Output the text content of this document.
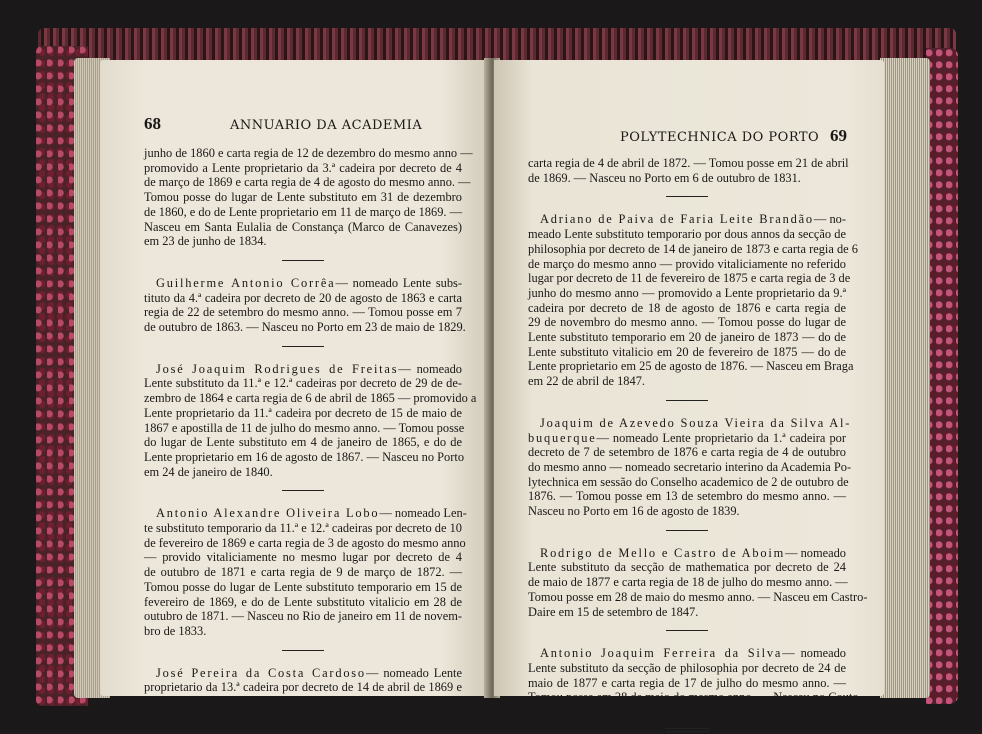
68	ANNUARIO DA ACADEMIA
junho de 1860 e carta regia de 12 de dezembro do mesmo anno —
promovido a Lente proprietario da 3.ª cadeira por decreto de 4
de março de 1869 e carta regia de 4 de agosto do mesmo anno. —
Tomou posse do lugar de Lente substituto em 31 de dezembro
de 1860, e do de Lente proprietario em 11 de março de 1869. —
Nasceu em Santa Eulalia de Constança (Marco de Canavezes)
em 23 de junho de 1834.
Guilherme Antonio Corrêa— nomeado Lente subs-
tituto da 4.ª cadeira por decreto de 20 de agosto de 1863 e carta
regia de 22 de setembro do mesmo anno. — Tomou posse em 7
de outubro de 1863. — Nasceu no Porto em 23 de maio de 1829.
José Joaquim Rodrigues de Freitas— nomeado
Lente substituto da 11.ª e 12.ª cadeiras por decreto de 29 de de-
zembro de 1864 e carta regia de 6 de abril de 1865 — promovido a
Lente proprietario da 11.ª cadeira por decreto de 15 de maio de
1867 e apostilla de 11 de julho do mesmo anno. — Tomou posse
do lugar de Lente substituto em 4 de janeiro de 1865, e do de
Lente proprietario em 16 de agosto de 1867. — Nasceu no Porto
em 24 de janeiro de 1840.
Antonio Alexandre Oliveira Lobo— nomeado Len-
te substituto temporario da 11.ª e 12.ª cadeiras por decreto de 10
de fevereiro de 1869 e carta regia de 3 de agosto do mesmo anno
— provido vitaliciamente no mesmo lugar por decreto de 4
de outubro de 1871 e carta regia de 9 de março de 1872. —
Tomou posse do lugar de Lente substituto temporario em 15 de
fevereiro de 1869, e do de Lente substituto vitalicio em 28 de
outubro de 1871. — Nasceu no Rio de janeiro em 11 de novem-
bro de 1833.
José Pereira da Costa Cardoso— nomeado Lente
proprietario da 13.ª cadeira por decreto de 14 de abril de 1869 e
POLYTECHNICA DO PORTO 69
carta regia de 4 de abril de 1872. — Tomou posse em 21 de abril
de 1869. — Nasceu no Porto em 6 de outubro de 1831.
Adriano de Paiva de Faria Leite Brandão— no-
meado Lente substituto temporario por dous annos da secção de
philosophia por decreto de 14 de janeiro de 1873 e carta regia de 6
de março do mesmo anno — provido vitaliciamente no referido
lugar por decreto de 11 de fevereiro de 1875 e carta regia de 3 de
junho do mesmo anno — promovido a Lente proprietario da 9.ª
cadeira por decreto de 18 de agosto de 1876 e carta regia de
29 de novembro do mesmo anno. — Tomou posse do lugar de
Lente substituto temporario em 20 de janeiro de 1873 — do de
Lente substituto vitalicio em 20 de fevereiro de 1875 — do de
Lente proprietario em 25 de agosto de 1876. — Nasceu em Braga
em 22 de abril de 1847.
Joaquim de Azevedo Souza Vieira da Silva Al-
buquerque— nomeado Lente proprietario da 1.ª cadeira por
decreto de 7 de setembro de 1876 e carta regia de 4 de outubro
do mesmo anno — nomeado secretario interino da Academia Po-
lytechnica em sessão do Conselho academico de 2 de outubro de
1876. — Tomou posse em 13 de setembro do mesmo anno. —
Nasceu no Porto em 16 de agosto de 1839.
Rodrigo de Mello e Castro de Aboim— nomeado
Lente substituto da secção de mathematica por decreto de 24
de maio de 1877 e carta regia de 18 de julho do mesmo anno. —
Tomou posse em 28 de maio do mesmo anno. — Nasceu em Castro-
Daire em 15 de setembro de 1847.
Antonio Joaquim Ferreira da Silva— nomeado
Lente substituto da secção de philosophia por decreto de 24 de
maio de 1877 e carta regia de 17 de julho do mesmo anno. —
Tomou posse em 28 de maio do mesmo anno. — Nasceu no Couto
de Cucujães (Oliveira de Azemeis) em 28 de julho de 1853.
